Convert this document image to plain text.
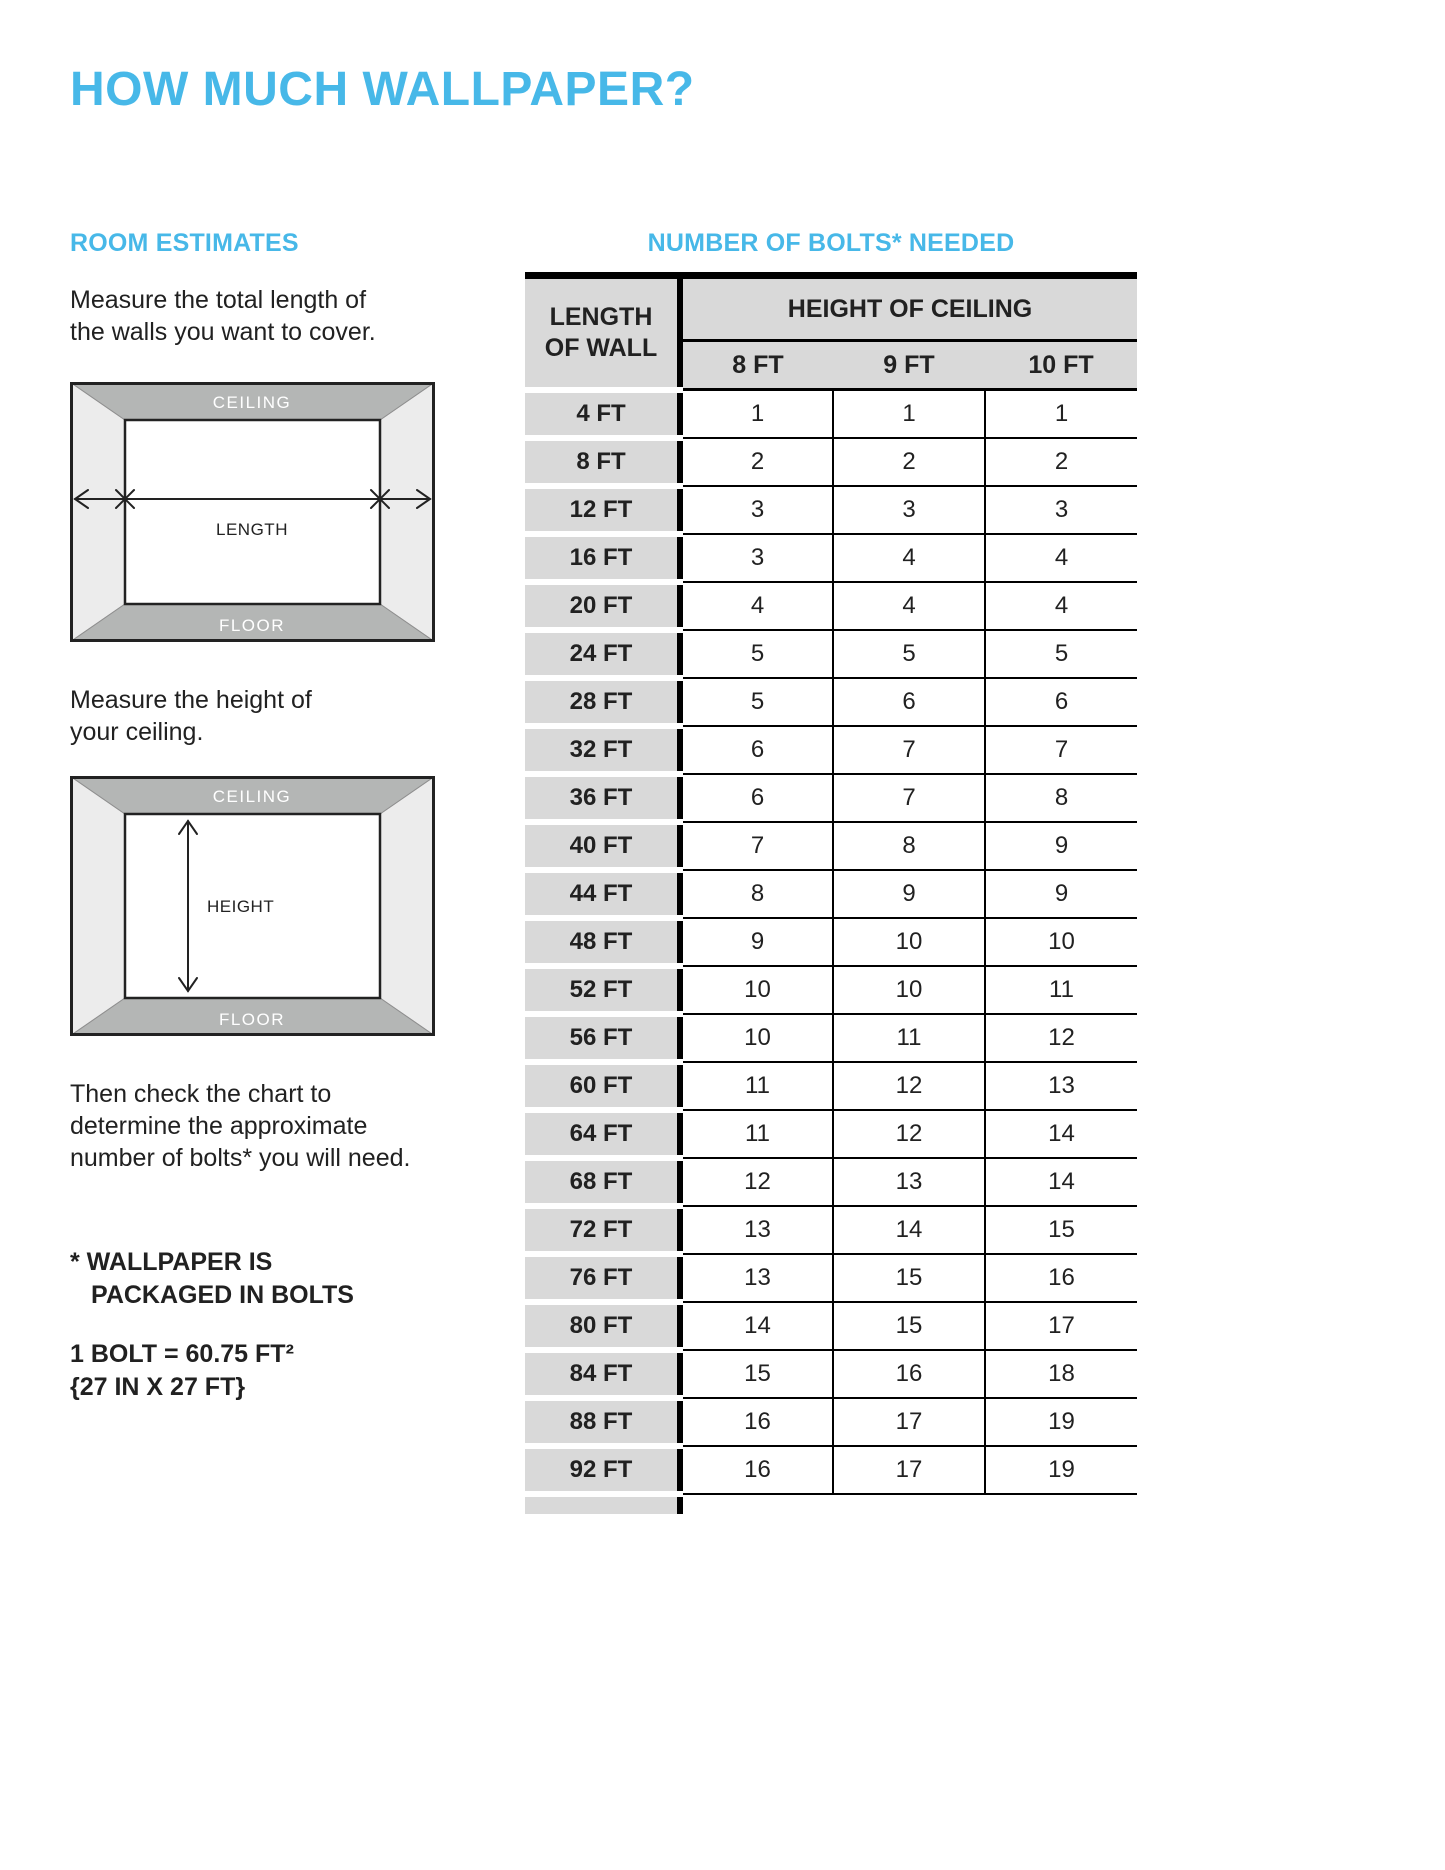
HOW MUCH WALLPAPER?
ROOM ESTIMATES

Measure the total length of
the walls you want to cover.

CEILING
FLOOR
LENGTH

Measure the height of
your ceiling.

CEILING
FLOOR
HEIGHT

Then check the chart to
determine the approximate
number of bolts* you will need.

* WALLPAPER IS
PACKAGED IN BOLTS
1 BOLT = 60.75 FT²
{27 IN X 27 FT}
NUMBER OF BOLTS* NEEDED
LENGTH
OF WALL	HEIGHT OF CEILING		
	8 FT	9 FT	10 FT
4 FT	1	1	1
8 FT	2	2	2
12 FT	3	3	3
16 FT	3	4	4
20 FT	4	4	4
24 FT	5	5	5
28 FT	5	6	6
32 FT	6	7	7
36 FT	6	7	8
40 FT	7	8	9
44 FT	8	9	9
48 FT	9	10	10
52 FT	10	10	11
56 FT	10	11	12
60 FT	11	12	13
64 FT	11	12	14
68 FT	12	13	14
72 FT	13	14	15
76 FT	13	15	16
80 FT	14	15	17
84 FT	15	16	18
88 FT	16	17	19
92 FT	16	17	19
